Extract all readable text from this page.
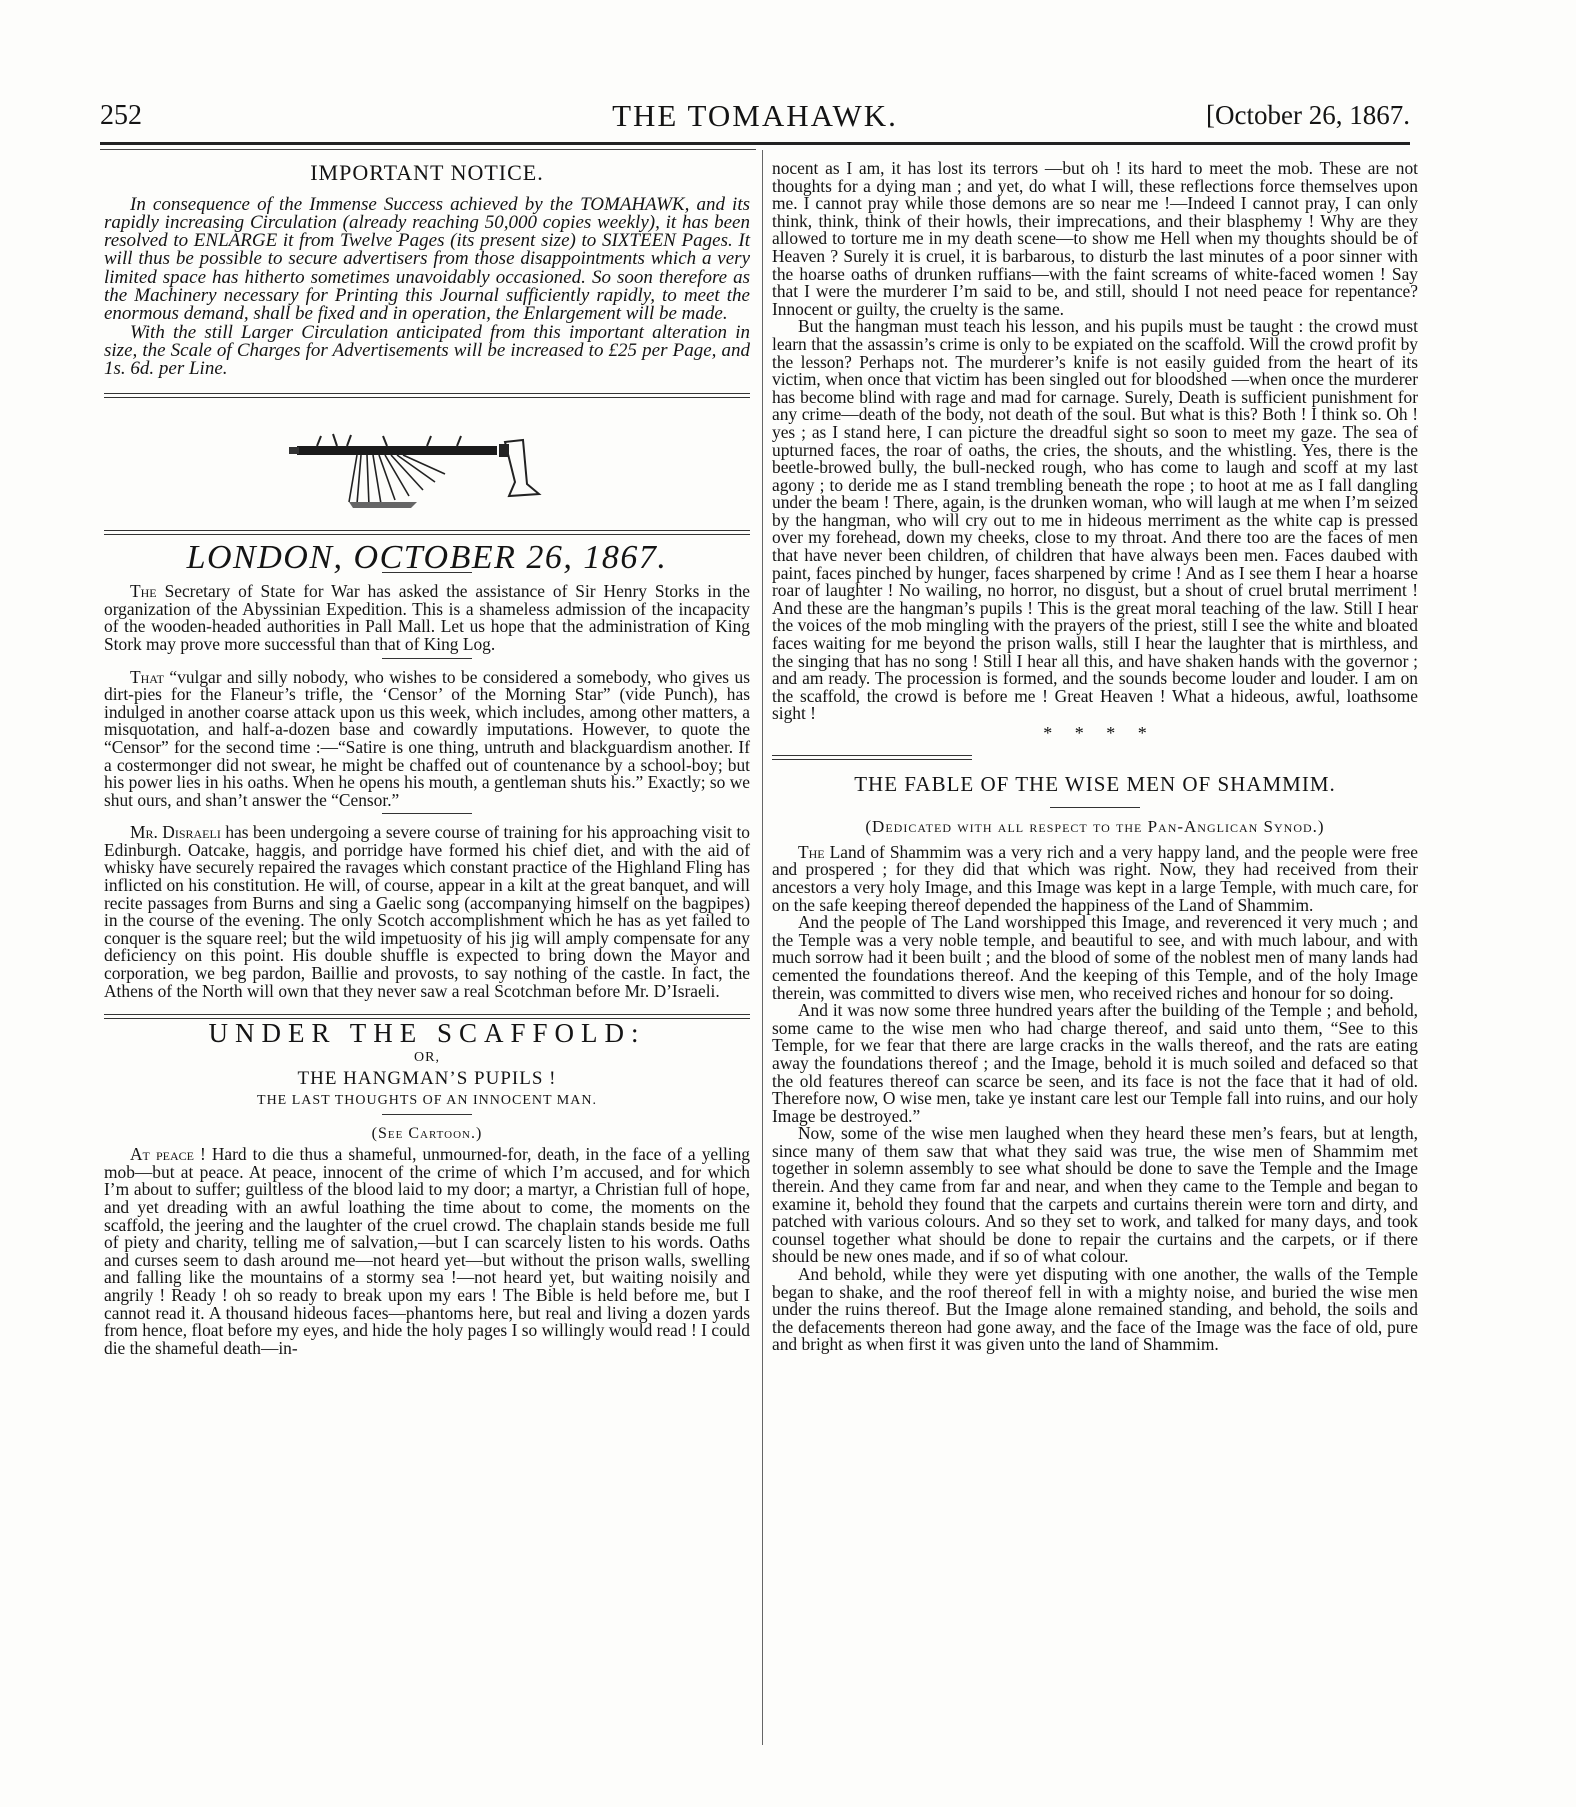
252	THE TOMAHAWK.	[October 26, 1867.
IMPORTANT NOTICE.

In consequence of the Immense Success achieved by the TOMAHAWK, and its rapidly increasing Circulation (already reaching 50,000 copies weekly), it has been resolved to ENLARGE it from Twelve Pages (its present size) to SIXTEEN Pages. It will thus be possible to secure advertisers from those disappointments which a very limited space has hitherto sometimes unavoidably occasioned. So soon therefore as the Machinery necessary for Printing this Journal sufficiently rapidly, to meet the enormous demand, shall be fixed and in operation, the Enlargement will be made.

With the still Larger Circulation anticipated from this important alteration in size, the Scale of Charges for Advertisements will be increased to £25 per Page, and 1s. 6d. per Line.

LONDON, OCTOBER 26, 1867.

The Secretary of State for War has asked the assistance of Sir Henry Storks in the organization of the Abyssinian Expedition. This is a shameless admission of the incapacity of the wooden-headed authorities in Pall Mall. Let us hope that the administration of King Stork may prove more successful than that of King Log.

That “vulgar and silly nobody, who wishes to be considered a somebody, who gives us dirt-pies for the Flaneur’s trifle, the ‘Censor’ of the Morning Star” (vide Punch), has indulged in another coarse attack upon us this week, which includes, among other matters, a misquotation, and half-a-dozen base and cowardly imputations. However, to quote the “Censor” for the second time :—“Satire is one thing, untruth and blackguardism another. If a costermonger did not swear, he might be chaffed out of countenance by a school-boy; but his power lies in his oaths. When he opens his mouth, a gentleman shuts his.” Exactly; so we shut ours, and shan’t answer the “Censor.”

Mr. Disraeli has been undergoing a severe course of training for his approaching visit to Edinburgh. Oatcake, haggis, and porridge have formed his chief diet, and with the aid of whisky have securely repaired the ravages which constant practice of the Highland Fling has inflicted on his constitution. He will, of course, appear in a kilt at the great banquet, and will recite passages from Burns and sing a Gaelic song (accompanying himself on the bagpipes) in the course of the evening. The only Scotch accomplishment which he has as yet failed to conquer is the square reel; but the wild impetuosity of his jig will amply compensate for any deficiency on this point. His double shuffle is expected to bring down the Mayor and corporation, we beg pardon, Baillie and provosts, to say nothing of the castle. In fact, the Athens of the North will own that they never saw a real Scotchman before Mr. D’Israeli.

UNDER THE SCAFFOLD:
OR,
THE HANGMAN’S PUPILS !
THE LAST THOUGHTS OF AN INNOCENT MAN.
(See Cartoon.)

At peace ! Hard to die thus a shameful, unmourned-for, death, in the face of a yelling mob—but at peace. At peace, innocent of the crime of which I’m accused, and for which I’m about to suffer; guiltless of the blood laid to my door; a martyr, a Christian full of hope, and yet dreading with an awful loathing the time about to come, the moments on the scaffold, the jeering and the laughter of the cruel crowd. The chaplain stands beside me full of piety and charity, telling me of salvation,—but I can scarcely listen to his words. Oaths and curses seem to dash around me—not heard yet—but without the prison walls, swelling and falling like the mountains of a stormy sea !—not heard yet, but waiting noisily and angrily ! Ready ! oh so ready to break upon my ears ! The Bible is held before me, but I cannot read it. A thousand hideous faces—phantoms here, but real and living a dozen yards from hence, float before my eyes, and hide the holy pages I so willingly would read ! I could die the shameful death—in-

nocent as I am, it has lost its terrors —but oh ! its hard to meet the mob. These are not thoughts for a dying man ; and yet, do what I will, these reflections force themselves upon me. I cannot pray while those demons are so near me !—Indeed I cannot pray, I can only think, think, think of their howls, their imprecations, and their blasphemy ! Why are they allowed to torture me in my death scene—to show me Hell when my thoughts should be of Heaven ? Surely it is cruel, it is barbarous, to disturb the last minutes of a poor sinner with the hoarse oaths of drunken ruffians—with the faint screams of white-faced women ! Say that I were the murderer I’m said to be, and still, should I not need peace for repentance? Innocent or guilty, the cruelty is the same.

But the hangman must teach his lesson, and his pupils must be taught : the crowd must learn that the assassin’s crime is only to be expiated on the scaffold. Will the crowd profit by the lesson? Perhaps not. The murderer’s knife is not easily guided from the heart of its victim, when once that victim has been singled out for bloodshed —when once the murderer has become blind with rage and mad for carnage. Surely, Death is sufficient punishment for any crime—death of the body, not death of the soul. But what is this? Both ! I think so. Oh ! yes ; as I stand here, I can picture the dreadful sight so soon to meet my gaze. The sea of upturned faces, the roar of oaths, the cries, the shouts, and the whistling. Yes, there is the beetle-browed bully, the bull-necked rough, who has come to laugh and scoff at my last agony ; to deride me as I stand trembling beneath the rope ; to hoot at me as I fall dangling under the beam ! There, again, is the drunken woman, who will laugh at me when I’m seized by the hangman, who will cry out to me in hideous merriment as the white cap is pressed over my forehead, down my cheeks, close to my throat. And there too are the faces of men that have never been children, of children that have always been men. Faces daubed with paint, faces pinched by hunger, faces sharpened by crime ! And as I see them I hear a hoarse roar of laughter ! No wailing, no horror, no disgust, but a shout of cruel brutal merriment ! And these are the hangman’s pupils ! This is the great moral teaching of the law. Still I hear the voices of the mob mingling with the prayers of the priest, still I see the white and bloated faces waiting for me beyond the prison walls, still I hear the laughter that is mirthless, and the singing that has no song ! Still I hear all this, and have shaken hands with the governor ; and am ready. The procession is formed, and the sounds become louder and louder. I am on the scaffold, the crowd is before me ! Great Heaven ! What a hideous, awful, loathsome sight !

*     *     *     *
THE FABLE OF THE WISE MEN OF SHAMMIM.
(Dedicated with all respect to the Pan-Anglican Synod.)

The Land of Shammim was a very rich and a very happy land, and the people were free and prospered ; for they did that which was right. Now, they had received from their ancestors a very holy Image, and this Image was kept in a large Temple, with much care, for on the safe keeping thereof depended the happiness of the Land of Shammim.

And the people of The Land worshipped this Image, and reverenced it very much ; and the Temple was a very noble temple, and beautiful to see, and with much labour, and with much sorrow had it been built ; and the blood of some of the noblest men of many lands had cemented the foundations thereof. And the keeping of this Temple, and of the holy Image therein, was committed to divers wise men, who received riches and honour for so doing.

And it was now some three hundred years after the building of the Temple ; and behold, some came to the wise men who had charge thereof, and said unto them, “See to this Temple, for we fear that there are large cracks in the walls thereof, and the rats are eating away the foundations thereof ; and the Image, behold it is much soiled and defaced so that the old features thereof can scarce be seen, and its face is not the face that it had of old. Therefore now, O wise men, take ye instant care lest our Temple fall into ruins, and our holy Image be destroyed.”

Now, some of the wise men laughed when they heard these men’s fears, but at length, since many of them saw that what they said was true, the wise men of Shammim met together in solemn assembly to see what should be done to save the Temple and the Image therein. And they came from far and near, and when they came to the Temple and began to examine it, behold they found that the carpets and curtains therein were torn and dirty, and patched with various colours. And so they set to work, and talked for many days, and took counsel together what should be done to repair the curtains and the carpets, or if there should be new ones made, and if so of what colour.

And behold, while they were yet disputing with one another, the walls of the Temple began to shake, and the roof thereof fell in with a mighty noise, and buried the wise men under the ruins thereof. But the Image alone remained standing, and behold, the soils and the defacements thereon had gone away, and the face of the Image was the face of old, pure and bright as when first it was given unto the land of Shammim.
